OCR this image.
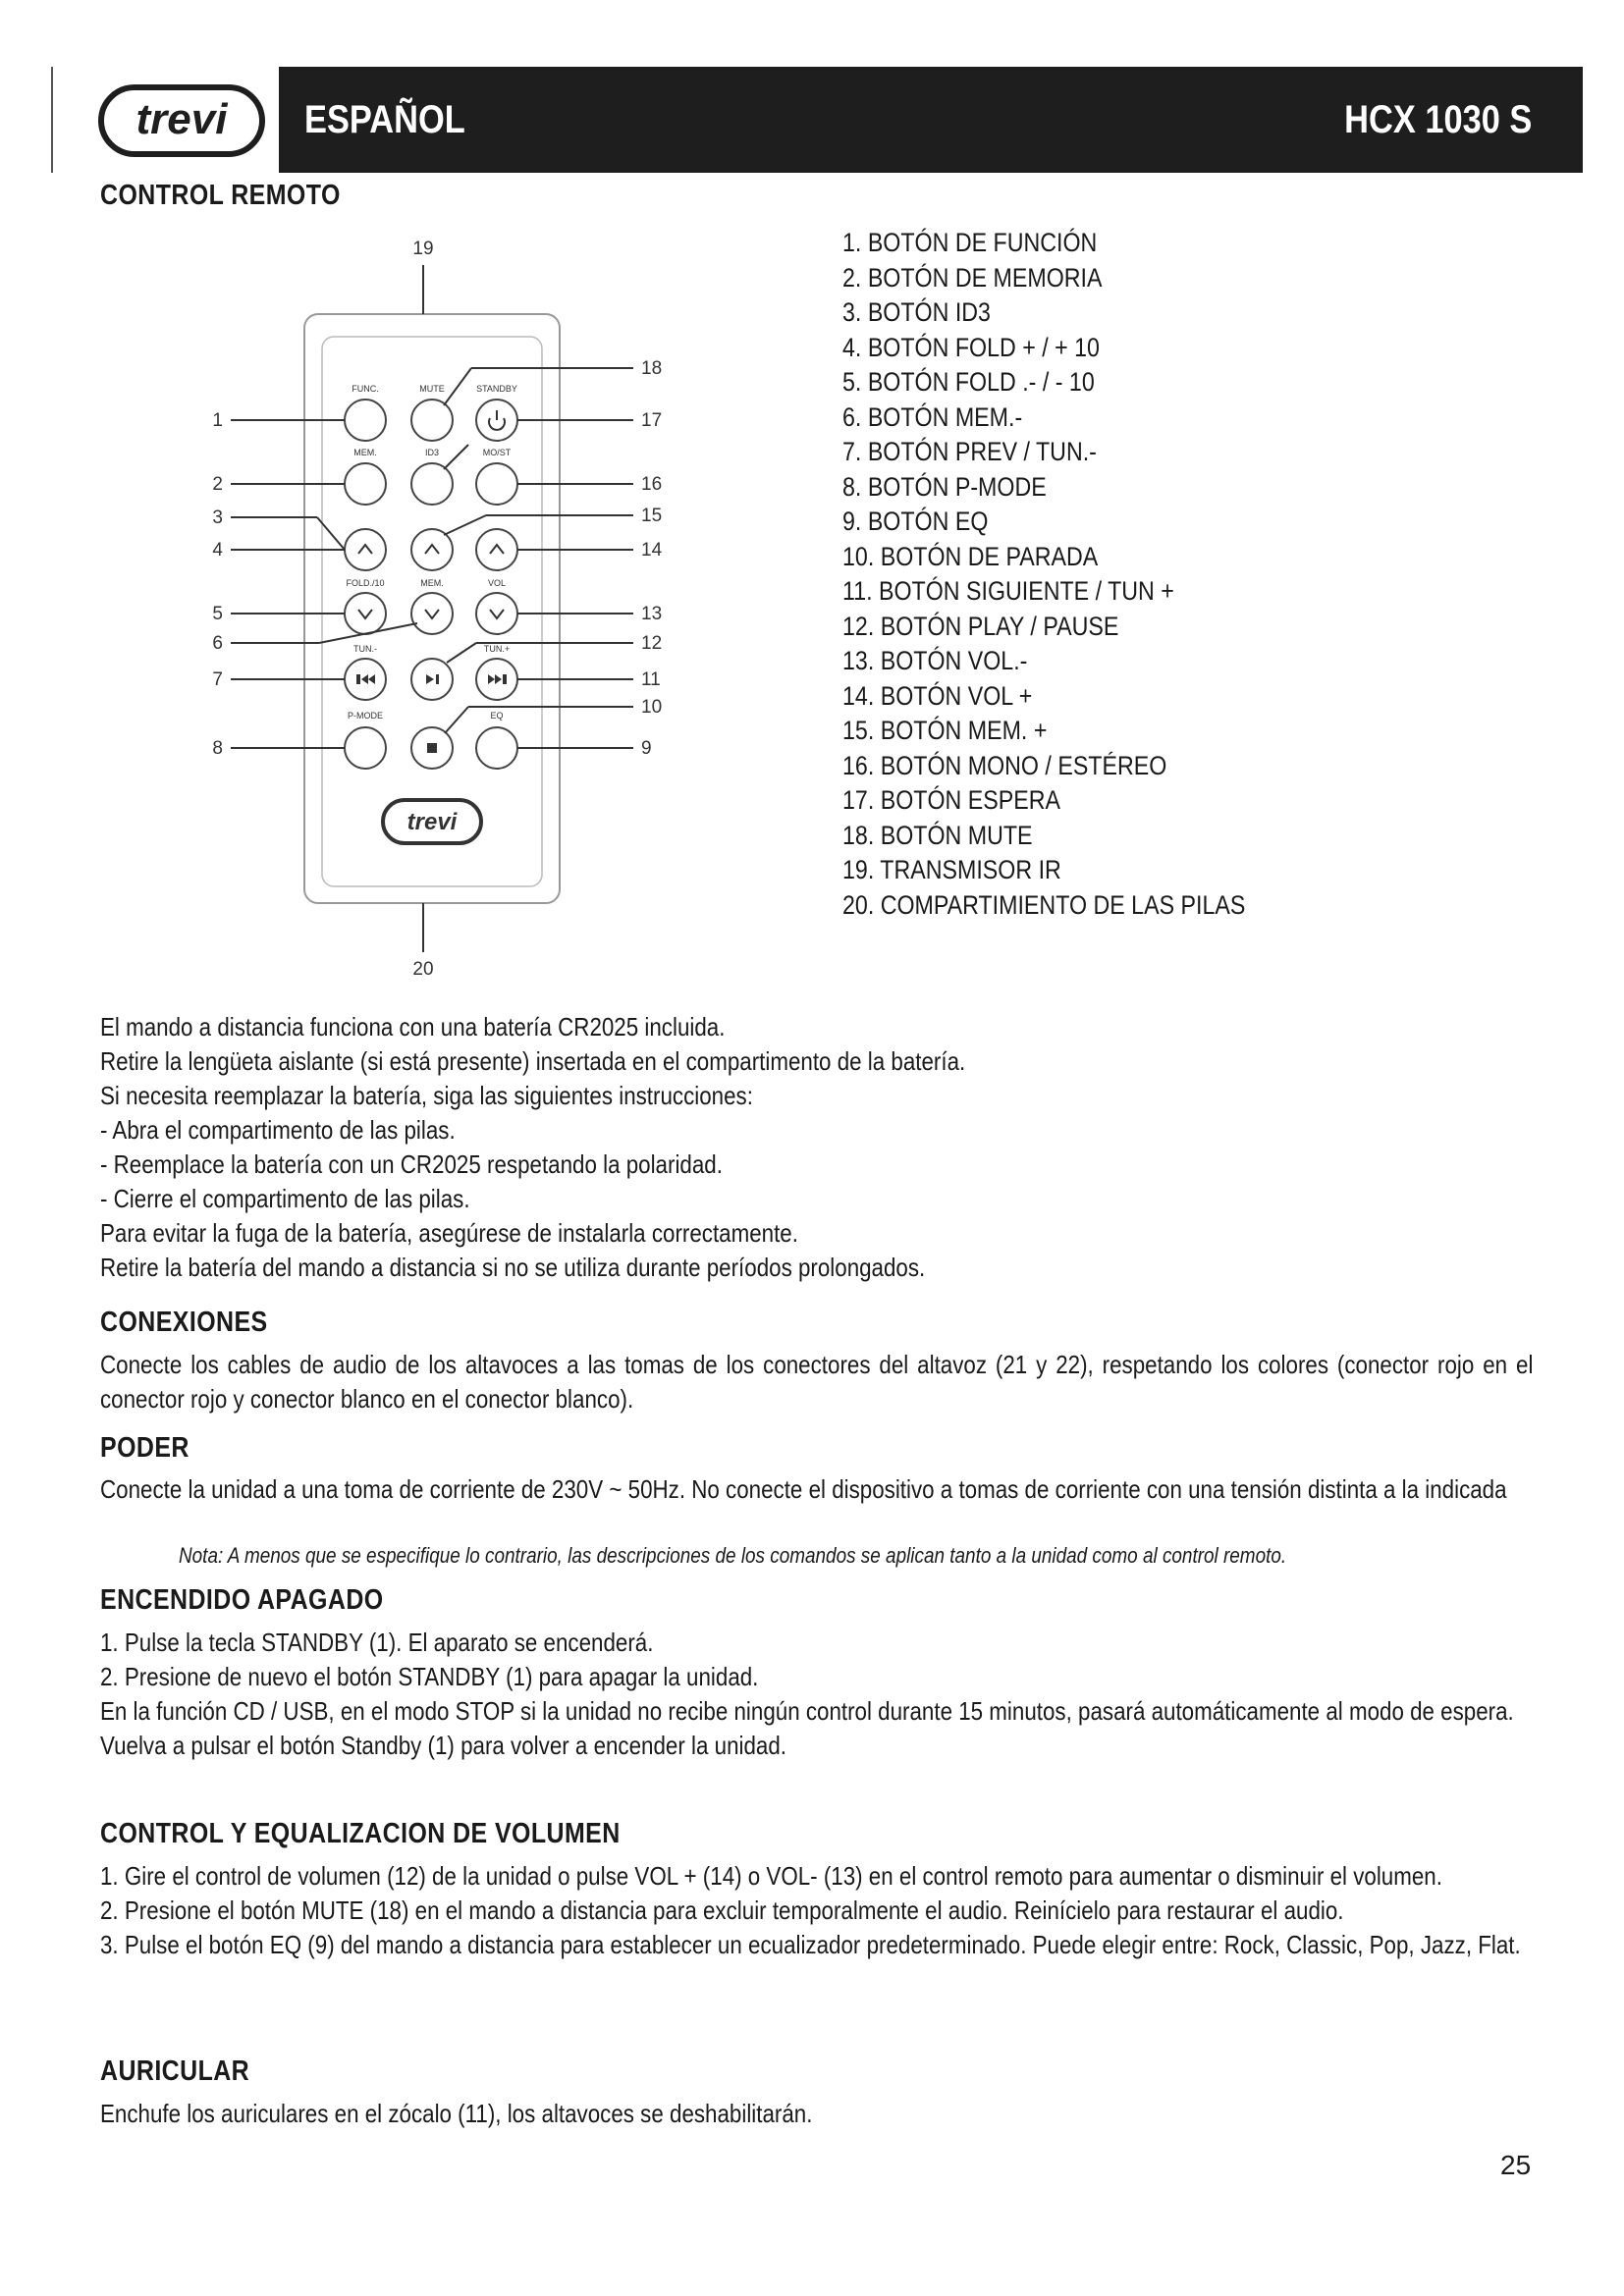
trevi ESPAÑOL	HCX 1030 S
CONTROL REMOTO
19
20
FUNC.	MUTE	STANDBY
MEM.	ID3	MO/ST
FOLD./10	MEM.	VOL
TUN.-	TUN.+
P-MODE	EQ
1
2
3
4
5
6
7
8	9
10
11
12
13
14
15
16
17
18
trevi
1. BOTÓN DE FUNCIÓN
2. BOTÓN DE MEMORIA
3. BOTÓN ID3
4. BOTÓN FOLD + / + 10
5. BOTÓN FOLD .- / - 10
6. BOTÓN MEM.-
7. BOTÓN PREV / TUN.-
8. BOTÓN P-MODE
9. BOTÓN EQ
10. BOTÓN DE PARADA
11. BOTÓN SIGUIENTE / TUN +
12. BOTÓN PLAY / PAUSE
13. BOTÓN VOL.-
14. BOTÓN VOL +
15. BOTÓN MEM. +
16. BOTÓN MONO / ESTÉREO
17. BOTÓN ESPERA
18. BOTÓN MUTE
19. TRANSMISOR IR
20. COMPARTIMIENTO DE LAS PILAS

El mando a distancia funciona con una batería CR2025 incluida.

Retire la lengüeta aislante (si está presente) insertada en el compartimento de la batería.

Si necesita reemplazar la batería, siga las siguientes instrucciones:

- Abra el compartimento de las pilas.

- Reemplace la batería con un CR2025 respetando la polaridad.

- Cierre el compartimento de las pilas.

Para evitar la fuga de la batería, asegúrese de instalarla correctamente.

Retire la batería del mando a distancia si no se utiliza durante períodos prolongados.

CONEXIONES

Conecte los cables de audio de los altavoces a las tomas de los conectores del altavoz (21 y 22), respetando los colores (conector rojo en el conector rojo y conector blanco en el conector blanco).

PODER

Conecte la unidad a una toma de corriente de 230V ~ 50Hz. No conecte el dispositivo a tomas de corriente con una tensión distinta a la indicada

Nota: A menos que se especifique lo contrario, las descripciones de los comandos se aplican tanto a la unidad como al control remoto.
ENCENDIDO APAGADO

1. Pulse la tecla STANDBY (1). El aparato se encenderá.

2. Presione de nuevo el botón STANDBY (1) para apagar la unidad.

En la función CD / USB, en el modo STOP si la unidad no recibe ningún control durante 15 minutos, pasará automáticamente al modo de espera.

Vuelva a pulsar el botón Standby (1) para volver a encender la unidad.

CONTROL Y EQUALIZACION DE VOLUMEN

1. Gire el control de volumen (12) de la unidad o pulse VOL + (14) o VOL- (13) en el control remoto para aumentar o disminuir el volumen.

2. Presione el botón MUTE (18) en el mando a distancia para excluir temporalmente el audio. Reinícielo para restaurar el audio.

3. Pulse el botón EQ (9) del mando a distancia para establecer un ecualizador predeterminado. Puede elegir entre: Rock, Classic, Pop, Jazz, Flat.

AURICULAR

Enchufe los auriculares en el zócalo (11), los altavoces se deshabilitarán.

25
